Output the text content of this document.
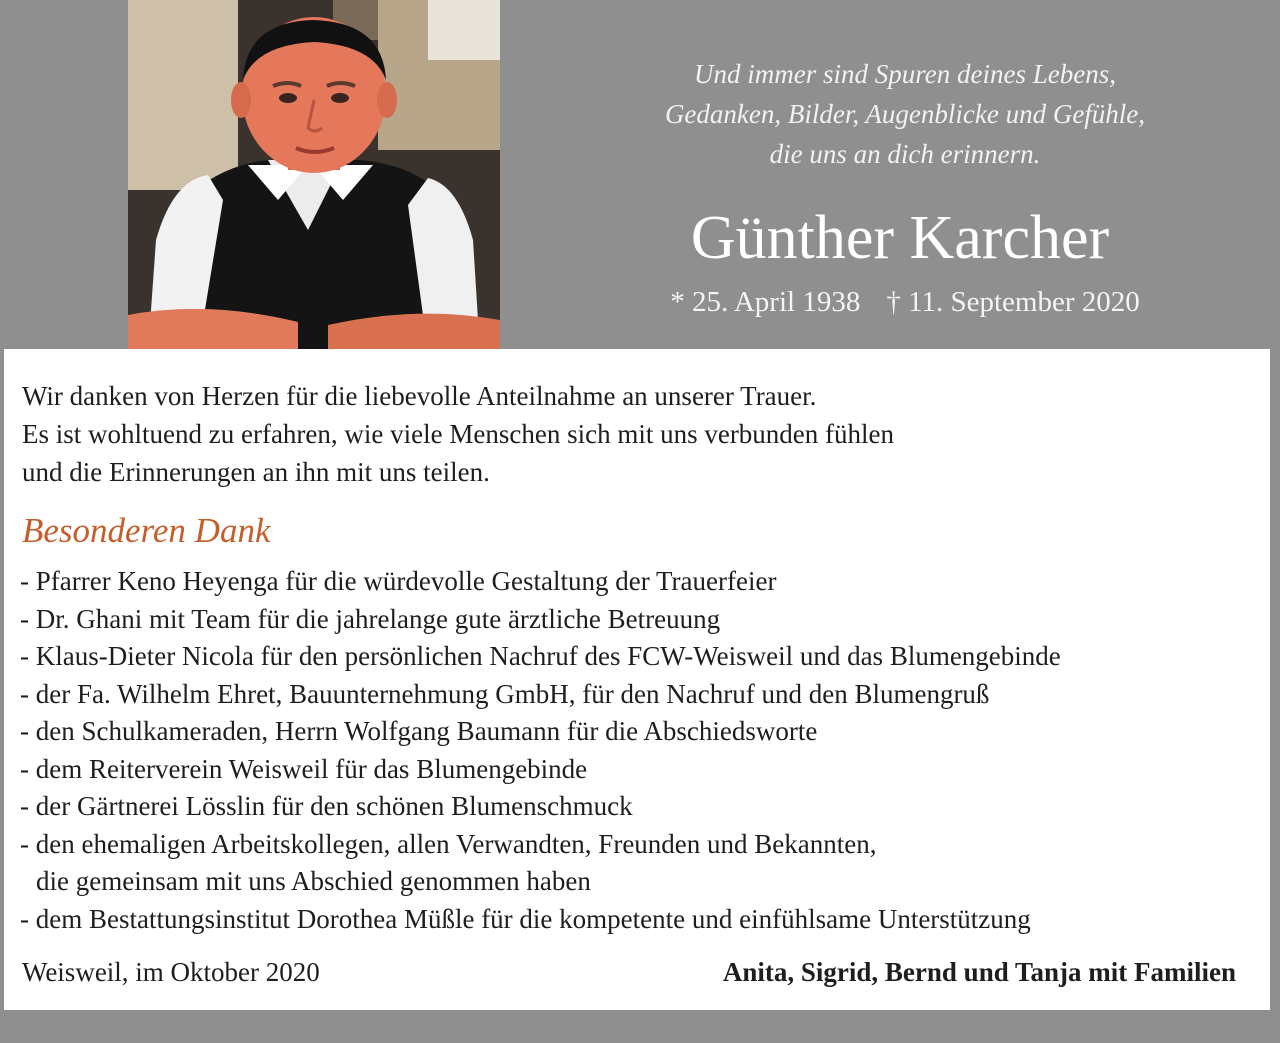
Und immer sind Spuren deines Lebens,
Gedanken, Bilder, Augenblicke und Gefühle,
die uns an dich erinnern.
Günther Karcher
* 25. April 1938 † 11. September 2020
Wir danken von Herzen für die liebevolle Anteilnahme an unserer Trauer.
Es ist wohltuend zu erfahren, wie viele Menschen sich mit uns verbunden fühlen
und die Erinnerungen an ihn mit uns teilen.
Besonderen Dank
- Pfarrer Keno Heyenga für die würdevolle Gestaltung der Trauerfeier
- Dr. Ghani mit Team für die jahrelange gute ärztliche Betreuung
- Klaus-Dieter Nicola für den persönlichen Nachruf des FCW-Weisweil und das Blumengebinde
- der Fa. Wilhelm Ehret, Bauunternehmung GmbH, für den Nachruf und den Blumengruß
- den Schulkameraden, Herrn Wolfgang Baumann für die Abschiedsworte
- dem Reiterverein Weisweil für das Blumengebinde
- der Gärtnerei Lösslin für den schönen Blumenschmuck
- den ehemaligen Arbeitskollegen, allen Verwandten, Freunden und Bekannten,
die gemeinsam mit uns Abschied genommen haben
- dem Bestattungsinstitut Dorothea Müßle für die kompetente und einfühlsame Unterstützung
Weisweil, im Oktober 2020	Anita, Sigrid, Bernd und Tanja mit Familien
